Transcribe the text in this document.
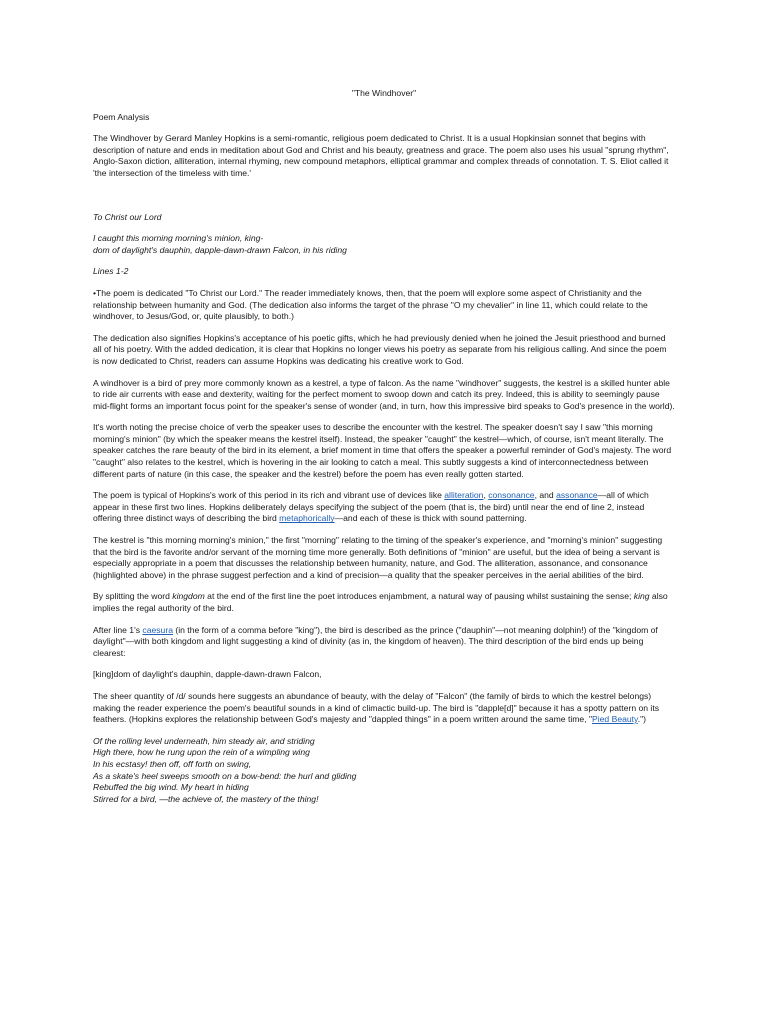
"The Windhover"

Poem Analysis

The Windhover by Gerard Manley Hopkins is a semi-romantic, religious poem dedicated to Christ. It is a usual Hopkinsian sonnet that begins with description of nature and ends in meditation about God and Christ and his beauty, greatness and grace. The poem also uses his usual "sprung rhythm", Anglo-Saxon diction, alliteration, internal rhyming, new compound metaphors, elliptical grammar and complex threads of connotation. T. S. Eliot called it 'the intersection of the timeless with time.'

To Christ our Lord

I caught this morning morning's minion, king-

dom of daylight's dauphin, dapple-dawn-drawn Falcon, in his riding

Lines 1-2

•The poem is dedicated "To Christ our Lord." The reader immediately knows, then, that the poem will explore some aspect of Christianity and the relationship between humanity and God. (The dedication also informs the target of the phrase "O my chevalier" in line 11, which could relate to the windhover, to Jesus/God, or, quite plausibly, to both.)

The dedication also signifies Hopkins's acceptance of his poetic gifts, which he had previously denied when he joined the Jesuit priesthood and burned all of his poetry. With the added dedication, it is clear that Hopkins no longer views his poetry as separate from his religious calling. And since the poem is now dedicated to Christ, readers can assume Hopkins was dedicating his creative work to God.

A windhover is a bird of prey more commonly known as a kestrel, a type of falcon. As the name "windhover" suggests, the kestrel is a skilled hunter able to ride air currents with ease and dexterity, waiting for the perfect moment to swoop down and catch its prey. Indeed, this is ability to seemingly pause mid-flight forms an important focus point for the speaker's sense of wonder (and, in turn, how this impressive bird speaks to God's presence in the world).

It's worth noting the precise choice of verb the speaker uses to describe the encounter with the kestrel. The speaker doesn't say I saw "this morning morning's minion" (by which the speaker means the kestrel itself). Instead, the speaker "caught" the kestrel—which, of course, isn't meant literally. The speaker catches the rare beauty of the bird in its element, a brief moment in time that offers the speaker a powerful reminder of God's majesty. The word "caught" also relates to the kestrel, which is hovering in the air looking to catch a meal. This subtly suggests a kind of interconnectedness between different parts of nature (in this case, the speaker and the kestrel) before the poem has even really gotten started.

The poem is typical of Hopkins's work of this period in its rich and vibrant use of devices like alliteration, consonance, and assonance—all of which appear in these first two lines. Hopkins deliberately delays specifying the subject of the poem (that is, the bird) until near the end of line 2, instead offering three distinct ways of describing the bird metaphorically—and each of these is thick with sound patterning.

The kestrel is "this morning morning's minion," the first "morning" relating to the timing of the speaker's experience, and "morning's minion" suggesting that the bird is the favorite and/or servant of the morning time more generally. Both definitions of "minion" are useful, but the idea of being a servant is especially appropriate in a poem that discusses the relationship between humanity, nature, and God. The alliteration, assonance, and consonance (highlighted above) in the phrase suggest perfection and a kind of precision—a quality that the speaker perceives in the aerial abilities of the bird.

By splitting the word kingdom at the end of the first line the poet introduces enjambment, a natural way of pausing whilst sustaining the sense; king also implies the regal authority of the bird.

After line 1's caesura (in the form of a comma before "king"), the bird is described as the prince ("dauphin"—not meaning dolphin!) of the "kingdom of daylight"—with both kingdom and light suggesting a kind of divinity (as in, the kingdom of heaven). The third description of the bird ends up being clearest:

[king]dom of daylight's dauphin, dapple-dawn-drawn Falcon,

The sheer quantity of /d/ sounds here suggests an abundance of beauty, with the delay of "Falcon" (the family of birds to which the kestrel belongs) making the reader experience the poem's beautiful sounds in a kind of climactic build-up. The bird is "dapple[d]" because it has a spotty pattern on its feathers. (Hopkins explores the relationship between God's majesty and "dappled things" in a poem written around the same time, "Pied Beauty.")

Of the rolling level underneath, him steady air, and striding

High there, how he rung upon the rein of a wimpling wing

In his ecstasy! then off, off forth on swing,

As a skate's heel sweeps smooth on a bow-bend: the hurl and gliding

Rebuffed the big wind. My heart in hiding

Stirred for a bird, —the achieve of, the mastery of the thing!
